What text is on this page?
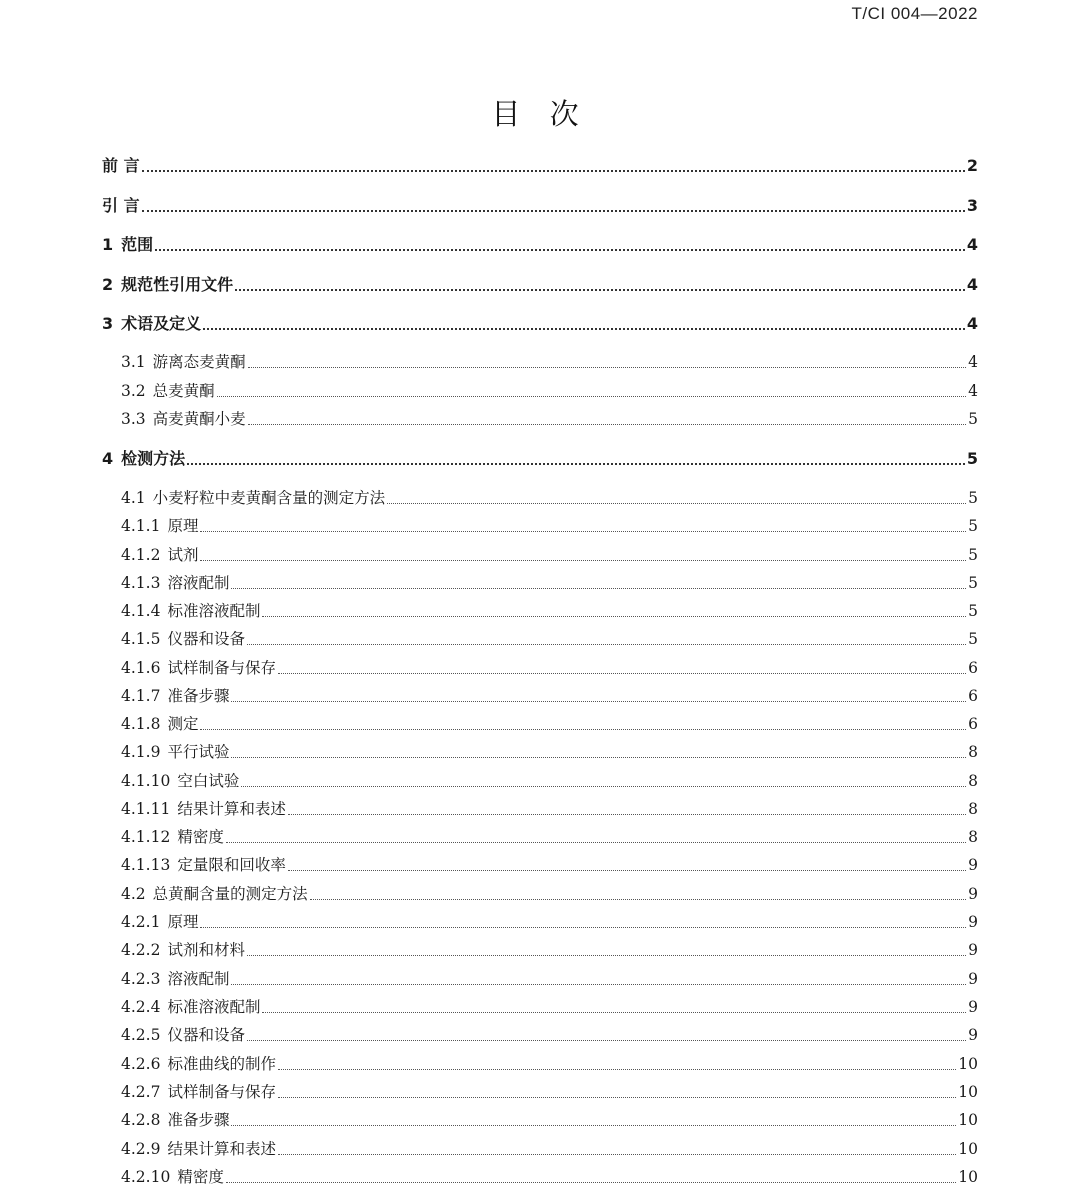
T/CI 004—2022
目 次
前 言	2
引 言	3
1 范围	4
2 规范性引用文件	4
3 术语及定义	4
3.1 游离态麦黄酮	4
3.2 总麦黄酮	4
3.3 高麦黄酮小麦	5
4 检测方法	5
4.1 小麦籽粒中麦黄酮含量的测定方法	5
4.1.1 原理	5
4.1.2 试剂	5
4.1.3 溶液配制	5
4.1.4 标准溶液配制	5
4.1.5 仪器和设备	5
4.1.6 试样制备与保存	6
4.1.7 准备步骤	6
4.1.8 测定	6
4.1.9 平行试验	8
4.1.10 空白试验	8
4.1.11 结果计算和表述	8
4.1.12 精密度	8
4.1.13 定量限和回收率	9
4.2 总黄酮含量的测定方法	9
4.2.1 原理	9
4.2.2 试剂和材料	9
4.2.3 溶液配制	9
4.2.4 标准溶液配制	9
4.2.5 仪器和设备	9
4.2.6 标准曲线的制作	10
4.2.7 试样制备与保存	10
4.2.8 准备步骤	10
4.2.9 结果计算和表述	10
4.2.10 精密度	10
